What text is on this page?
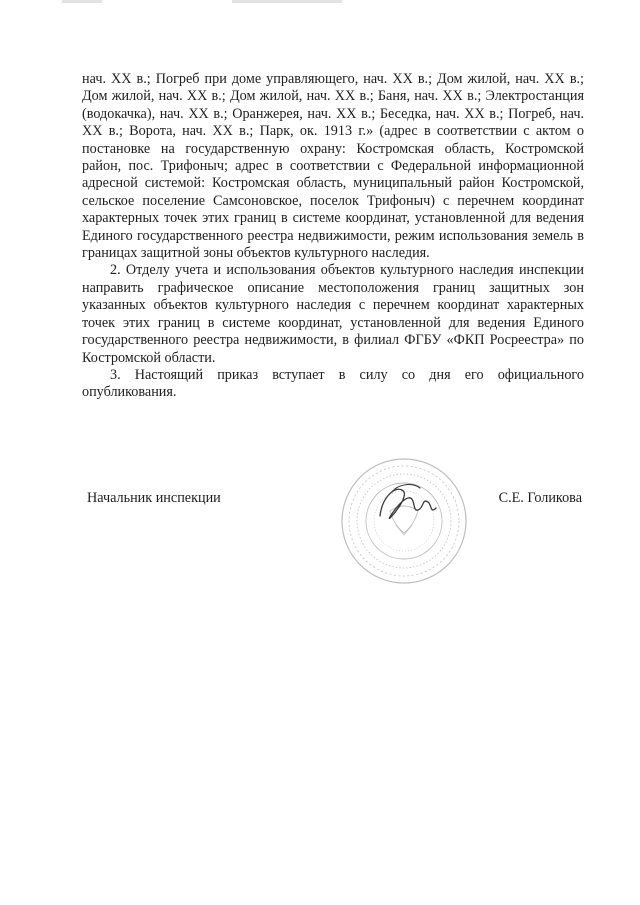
нач. XX в.; Погреб при доме управляющего, нач. XX в.; Дом жилой, нач. XX в.; Дом жилой, нач. XX в.; Дом жилой, нач. XX в.; Баня, нач. XX в.; Электростанция (водокачка), нач. XX в.; Оранжерея, нач. XX в.; Беседка, нач. XX в.; Погреб, нач. XX в.; Ворота, нач. XX в.; Парк, ок. 1913 г.» (адрес в соответствии с актом о постановке на государственную охрану: Костромская область, Костромской район, пос. Трифоныч; адрес в соответствии с Федеральной информационной адресной системой: Костромская область, муниципальный район Костромской, сельское поселение Самсоновское, поселок Трифоныч) с перечнем координат характерных точек этих границ в системе координат, установленной для ведения Единого государственного реестра недвижимости, режим использования земель в границах защитной зоны объектов культурного наследия.

2. Отделу учета и использования объектов культурного наследия инспекции направить графическое описание местоположения границ защитных зон указанных объектов культурного наследия с перечнем координат характерных точек этих границ в системе координат, установленной для ведения Единого государственного реестра недвижимости, в филиал ФГБУ «ФКП Росреестра» по Костромской области.

3. Настоящий приказ вступает в силу со дня его официального опубликования.

Начальник инспекции	С.Е. Голикова
